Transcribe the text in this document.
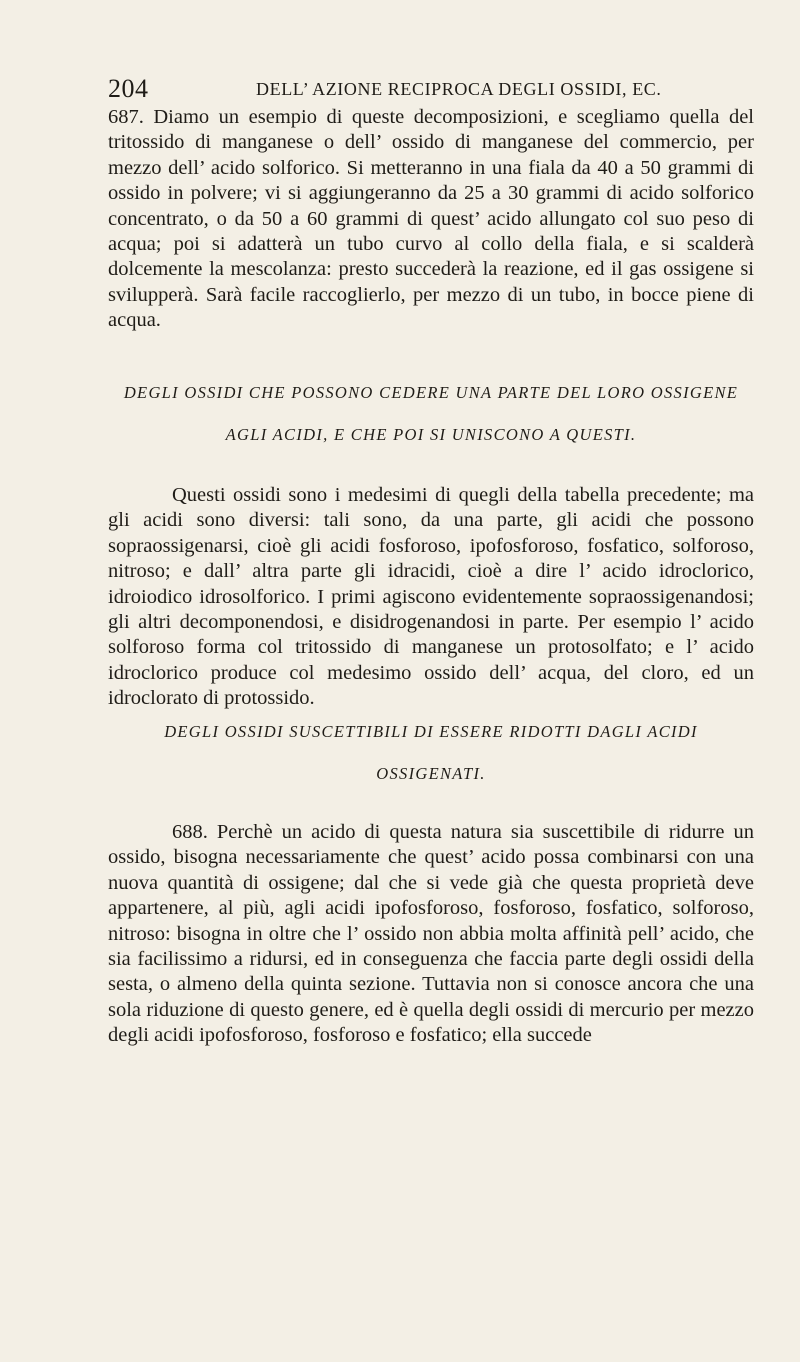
204	DELL’ AZIONE RECIPROCA DEGLI OSSIDI, EC.

687. Diamo un esempio di queste decomposizioni, e scegliamo quella del tritossido di manganese o dell’ ossido di manganese del commercio, per mezzo dell’ acido solforico. Si metteranno in una fiala da 40 a 50 grammi di ossido in polvere; vi si aggiungeranno da 25 a 30 grammi di acido solforico concentrato, o da 50 a 60 grammi di quest’ acido allungato col suo peso di acqua; poi si adatterà un tubo curvo al collo della fiala, e si scalderà dolcemente la mescolanza: presto succederà la reazione, ed il gas ossigene si svilupperà. Sarà facile raccoglierlo, per mezzo di un tubo, in bocce piene di acqua.

DEGLI OSSIDI CHE POSSONO CEDERE UNA PARTE DEL LORO OSSIGENE

AGLI ACIDI, E CHE POI SI UNISCONO A QUESTI.

Questi ossidi sono i medesimi di quegli della tabella precedente; ma gli acidi sono diversi: tali sono, da una parte, gli acidi che possono sopraossigenarsi, cioè gli acidi fosforoso, ipofosforoso, fosfatico, solforoso, nitroso; e dall’ altra parte gli idracidi, cioè a dire l’ acido idroclorico, idroiodico idrosolforico. I primi agiscono evidentemente sopraossigenandosi; gli altri decomponendosi, e disidrogenandosi in parte. Per esempio l’ acido solforoso forma col tritossido di manganese un protosolfato; e l’ acido idroclorico produce col medesimo ossido dell’ acqua, del cloro, ed un idroclorato di protossido.

DEGLI OSSIDI SUSCETTIBILI DI ESSERE RIDOTTI DAGLI ACIDI

OSSIGENATI.

688. Perchè un acido di questa natura sia suscettibile di ridurre un ossido, bisogna necessariamente che quest’ acido possa combinarsi con una nuova quantità di ossigene; dal che si vede già che questa proprietà deve appartenere, al più, agli acidi ipofosforoso, fosforoso, fosfatico, solforoso, nitroso: bisogna in oltre che l’ ossido non abbia molta affinità pell’ acido, che sia facilissimo a ridursi, ed in conseguenza che faccia parte degli ossidi della sesta, o almeno della quinta sezione. Tuttavia non si conosce ancora che una sola riduzione di questo genere, ed è quella degli ossidi di mercurio per mezzo degli acidi ipofosforoso, fosforoso e fosfatico; ella succede
